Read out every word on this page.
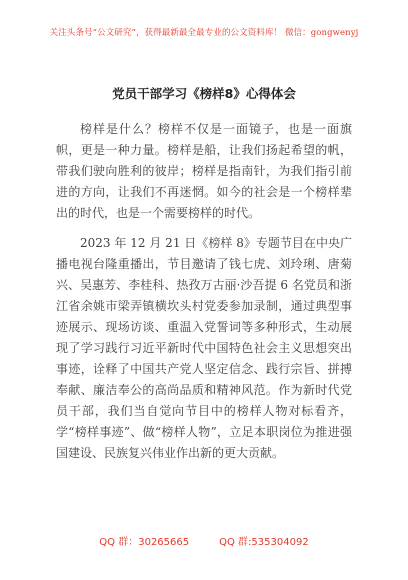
关注头条号“公文研究”，获得最新最全最专业的公文资料库！ 微信：gongwenyj
党员干部学习《榜样8》心得体会

榜样是什么？榜样不仅是一面镜子，也是一面旗帜，更是一种力量。榜样是船，让我们扬起希望的帆，带我们驶向胜利的彼岸；榜样是指南针，为我们指引前进的方向，让我们不再迷惘。如今的社会是一个榜样辈出的时代，也是一个需要榜样的时代。

2023 年 12 月 21 日《榜样 8》专题节目在中央广播电视台隆重播出，节目邀请了钱七虎、刘玲琍、唐菊兴、吴惠芳、李桂科、热孜万古丽·沙吾提 6 名党员和浙江省余姚市梁弄镇横坎头村党委参加录制，通过典型事迹展示、现场访谈、重温入党誓词等多种形式，生动展现了学习践行习近平新时代中国特色社会主义思想突出事迹，诠释了中国共产党人坚定信念、践行宗旨、拼搏奉献、廉洁奉公的高尚品质和精神风范。作为新时代党员干部，我们当自觉向节目中的榜样人物对标看齐，学“榜样事迹”、做“榜样人物”，立足本职岗位为推进强国建设、民族复兴伟业作出新的更大贡献。

QQ 群：30265665	QQ 群:535304092
